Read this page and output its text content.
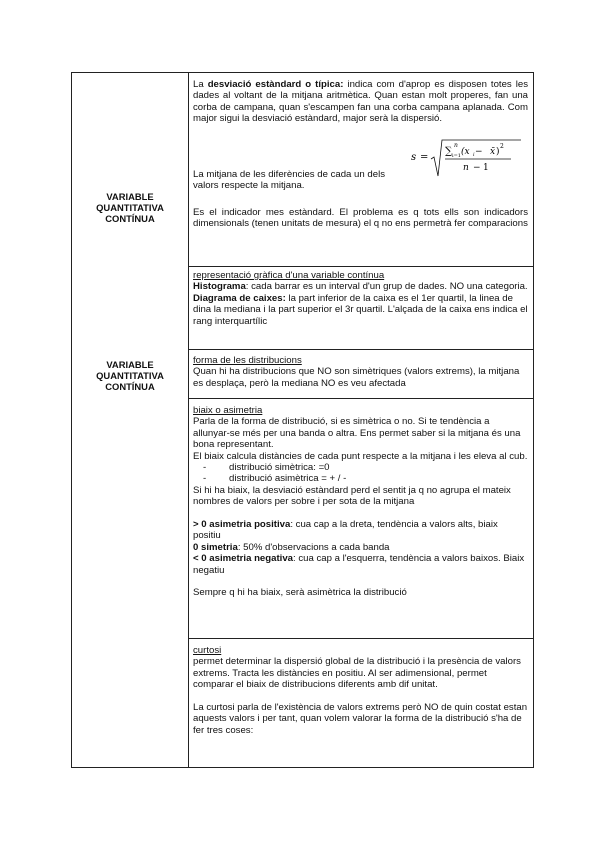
VARIABLE
QUANTITATIVA
CONTÍNUA
VARIABLE
QUANTITATIVA
CONTÍNUA

La desviació estàndard o típica: indica com d'aprop es disposen totes les dades al voltant de la mitjana aritmètica. Quan estan molt properes, fan una corba de campana, quan s'escampen fan una corba campana aplanada. Com major sigui la desviació estàndard, major serà la dispersió.

La mitjana de les diferències de cada un dels valors respecte la mitjana.

Es el indicador mes estàndard. El problema es q tots ells son indicadors dimensionals (tenen unitats de mesura) el q no ens permetrà fer comparacions

representació gràfica d'una variable contínua

Histograma: cada barrar es un interval d'un grup de dades. NO una categoria.

Diagrama de caixes: la part inferior de la caixa es el 1er quartil, la linea de dina la mediana i la part superior el 3r quartil. L'alçada de la caixa ens indica el rang interquartílic

forma de les distribucions

Quan hi ha distribucions que NO son simètriques (valors extrems), la mitjana es desplaça, però la mediana NO es veu afectada

biaix o asimetria

Parla de la forma de distribució, si es simètrica o no. Si te tendència a allunyar-se més per una banda o altra. Ens permet saber si la mitjana és una bona representant.

El biaix calcula distàncies de cada punt respecte a la mitjana i les eleva al cub.

- distribució simètrica: =0

- distribució asimètrica = + / -

Si hi ha biaix, la desviació estàndard perd el sentit ja q no agrupa el mateix nombres de valors per sobre i per sota de la mitjana

> 0 asimetria positiva: cua cap a la dreta, tendència a valors alts, biaix positiu

0 simetria: 50% d'observacions a cada banda

< 0 asimetria negativa: cua cap a l'esquerra, tendència a valors baixos. Biaix negatiu

Sempre q hi ha biaix, serà asimètrica la distribució

curtosi

permet determinar la dispersió global de la distribució i la presència de valors extrems. Tracta les distàncies en positiu. Al ser adimensional, permet comparar el biaix de distribucions diferents amb dif unitat.

La curtosi parla de l'existència de valors extrems però NO de quin costat estan aquests valors i per tant, quan volem valorar la forma de la distribució s'ha de fer tres coses:

s =
∑
n
i=1 (x i − x̄ )
2
n − 1
